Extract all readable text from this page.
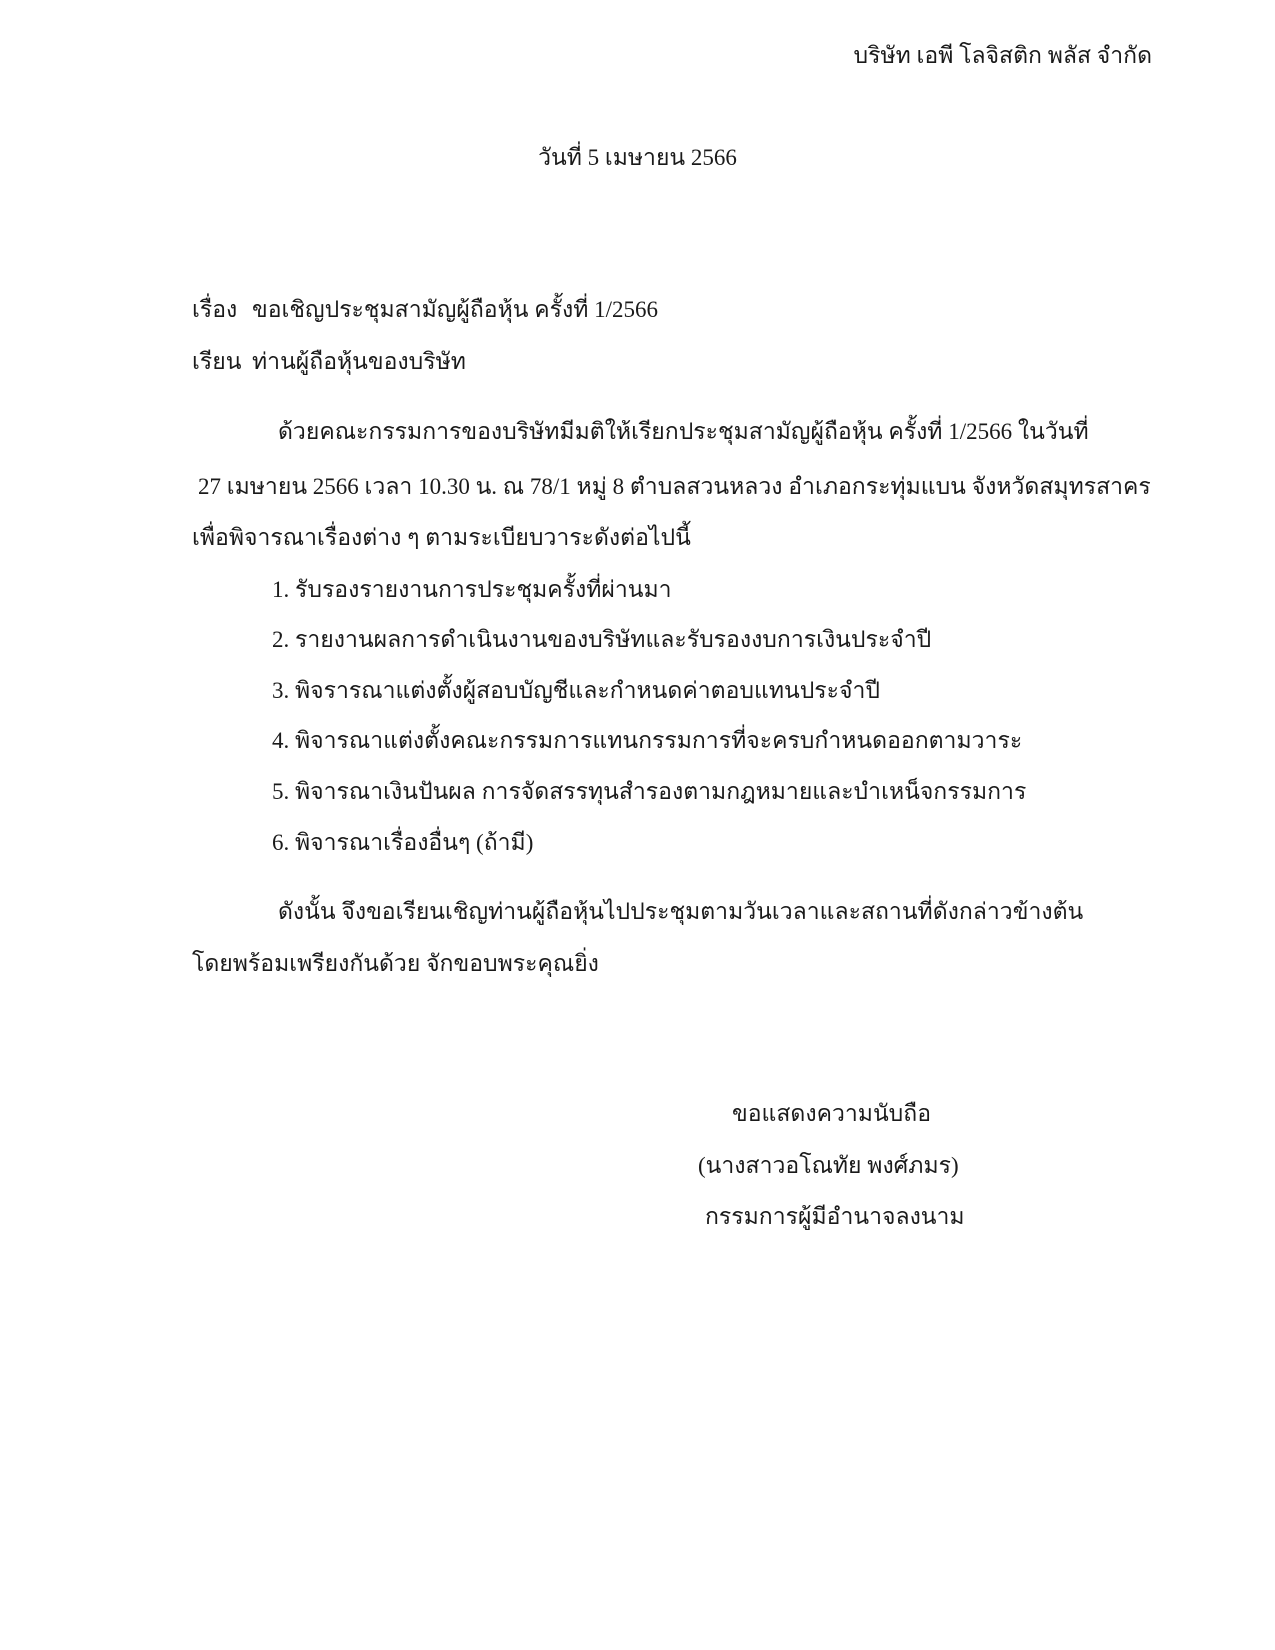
บริษัท เอพี โลจิสติก พลัส จำกัด
วันที่ 5 เมษายน 2566
เรื่อง ขอเชิญประชุมสามัญผู้ถือหุ้น ครั้งที่ 1/2566
เรียน ท่านผู้ถือหุ้นของบริษัท
ด้วยคณะกรรมการของบริษัทมีมติให้เรียกประชุมสามัญผู้ถือหุ้น ครั้งที่ 1/2566 ในวันที่
27 เมษายน 2566 เวลา 10.30 น. ณ 78/1 หมู่ 8 ตำบลสวนหลวง อำเภอกระทุ่มแบน จังหวัดสมุทรสาคร
เพื่อพิจารณาเรื่องต่าง ๆ ตามระเบียบวาระดังต่อไปนี้
1. รับรองรายงานการประชุมครั้งที่ผ่านมา
2. รายงานผลการดำเนินงานของบริษัทและรับรองงบการเงินประจำปี
3. พิจรารณาแต่งตั้งผู้สอบบัญชีและกำหนดค่าตอบแทนประจำปี
4. พิจารณาแต่งตั้งคณะกรรมการแทนกรรมการที่จะครบกำหนดออกตามวาระ
5. พิจารณาเงินปันผล การจัดสรรทุนสำรองตามกฎหมายและบำเหน็จกรรมการ
6. พิจารณาเรื่องอื่นๆ (ถ้ามี)
ดังนั้น จึงขอเรียนเชิญท่านผู้ถือหุ้นไปประชุมตามวันเวลาและสถานที่ดังกล่าวข้างต้น
โดยพร้อมเพรียงกันด้วย จักขอบพระคุณยิ่ง
ขอแสดงความนับถือ
(นางสาวอโณทัย พงศ์ภมร)
กรรมการผู้มีอำนาจลงนาม
